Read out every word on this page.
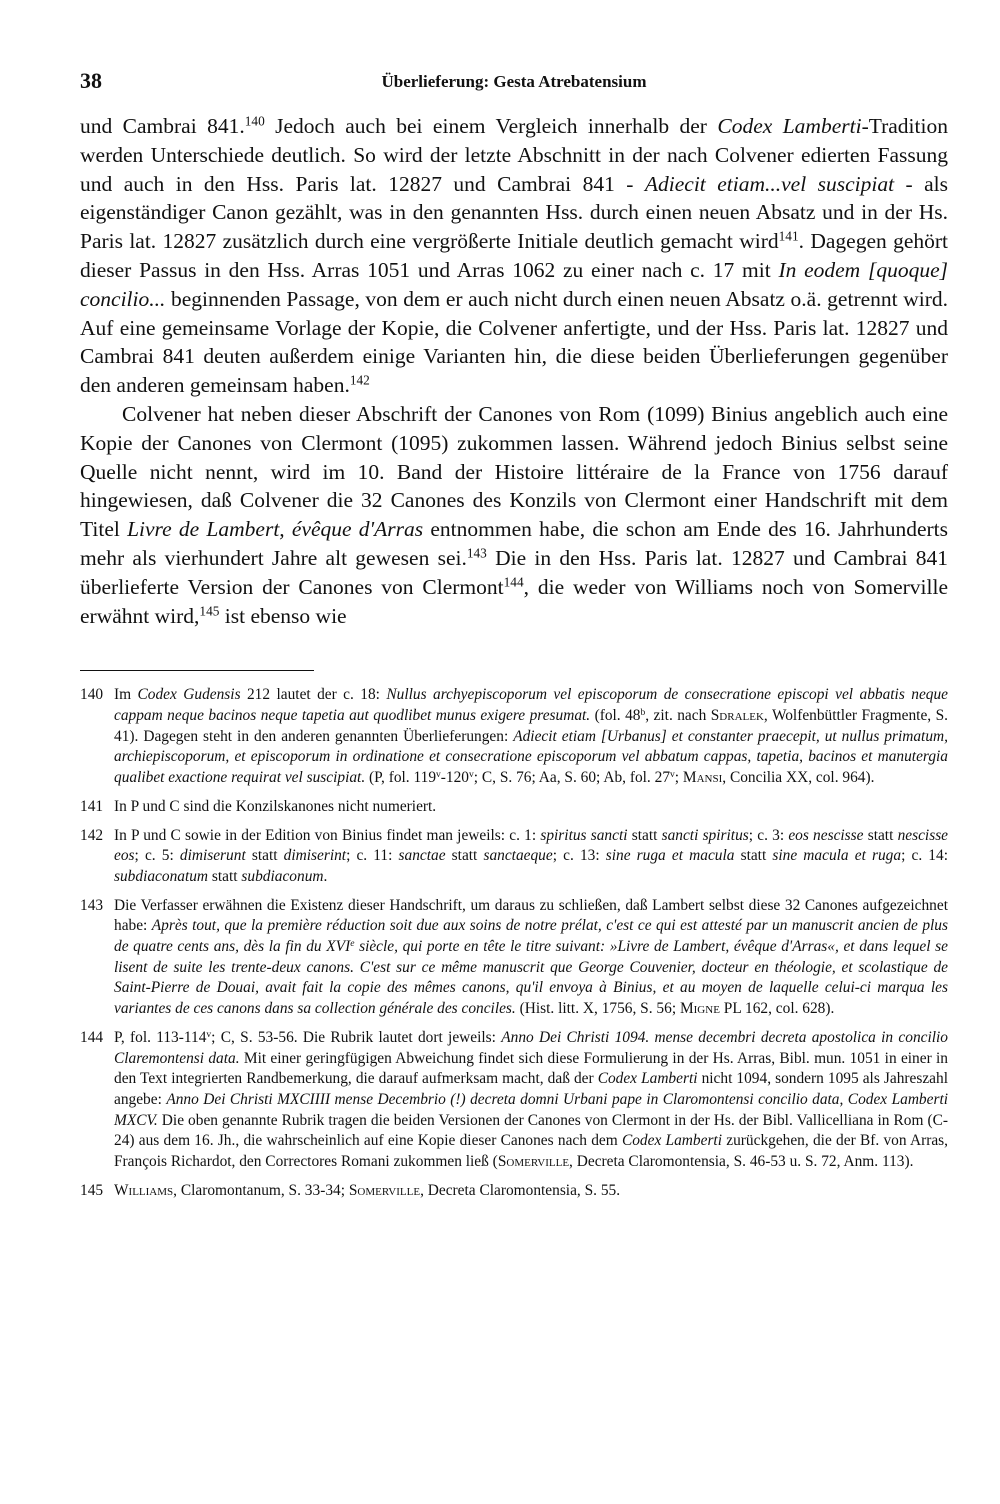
38	Überlieferung: Gesta Atrebatensium

und Cambrai 841.$^{140}$ Jedoch auch bei einem Vergleich innerhalb der Codex Lamberti-Tradition werden Unterschiede deutlich. So wird der letzte Abschnitt in der nach Colvener edierten Fassung und auch in den Hss. Paris lat. 12827 und Cambrai 841 - Adiecit etiam...vel suscipiat - als eigenständiger Canon gezählt, was in den genannten Hss. durch einen neuen Absatz und in der Hs. Paris lat. 12827 zusätzlich durch eine vergrößerte Initiale deutlich gemacht wird$^{141}$. Dagegen gehört dieser Passus in den Hss. Arras 1051 und Arras 1062 zu einer nach c. 17 mit In eodem [quoque] concilio... beginnenden Passage, von dem er auch nicht durch einen neuen Absatz o.ä. getrennt wird. Auf eine gemeinsame Vorlage der Kopie, die Colvener anfertigte, und der Hss. Paris lat. 12827 und Cambrai 841 deuten außerdem einige Varianten hin, die diese beiden Überlieferungen gegenüber den anderen gemeinsam haben.$^{142}$

Colvener hat neben dieser Abschrift der Canones von Rom (1099) Binius angeblich auch eine Kopie der Canones von Clermont (1095) zukommen lassen. Während jedoch Binius selbst seine Quelle nicht nennt, wird im 10. Band der Histoire littéraire de la France von 1756 darauf hingewiesen, daß Colvener die 32 Canones des Konzils von Clermont einer Handschrift mit dem Titel Livre de Lambert, évêque d'Arras entnommen habe, die schon am Ende des 16. Jahrhunderts mehr als vierhundert Jahre alt gewesen sei.$^{143}$ Die in den Hss. Paris lat. 12827 und Cambrai 841 überlieferte Version der Canones von Clermont$^{144}$, die weder von Williams noch von Somerville erwähnt wird,$^{145}$ ist ebenso wie

140 Im Codex Gudensis 212 lautet der c. 18: Nullus archyepiscoporum vel episcoporum de consecratione episcopi vel abbatis neque cappam neque bacinos neque tapetia aut quodlibet munus exigere presumat. (fol. 48$^b$, zit. nach Sdralek, Wolfenbüttler Fragmente, S. 41). Dagegen steht in den anderen genannten Überlieferungen: Adiecit etiam [Urbanus] et constanter praecepit, ut nullus primatum, archiepiscoporum, et episcoporum in ordinatione et consecratione episcoporum vel abbatum cappas, tapetia, bacinos et manutergia qualibet exactione requirat vel suscipiat. (P, fol. 119$^v$-120$^v$; C, S. 76; Aa, S. 60; Ab, fol. 27$^v$; Mansi, Concilia XX, col. 964).
141 In P und C sind die Konzilskanones nicht numeriert.
142 In P und C sowie in der Edition von Binius findet man jeweils: c. 1: spiritus sancti statt sancti spiritus; c. 3: eos nescisse statt nescisse eos; c. 5: dimiserunt statt dimiserint; c. 11: sanctae statt sanctaeque; c. 13: sine ruga et macula statt sine macula et ruga; c. 14: subdiaconatum statt subdiaconum.
143 Die Verfasser erwähnen die Existenz dieser Handschrift, um daraus zu schließen, daß Lambert selbst diese 32 Canones aufgezeichnet habe: Après tout, que la première réduction soit due aux soins de notre prélat, c'est ce qui est attesté par un manuscrit ancien de plus de quatre cents ans, dès la fin du XVIe siècle, qui porte en tête le titre suivant: »Livre de Lambert, évêque d'Arras«, et dans lequel se lisent de suite les trente-deux canons. C'est sur ce même manuscrit que George Couvenier, docteur en théologie, et scolastique de Saint-Pierre de Douai, avait fait la copie des mêmes canons, qu'il envoya à Binius, et au moyen de laquelle celui-ci marqua les variantes de ces canons dans sa collection générale des conciles. (Hist. litt. X, 1756, S. 56; Migne PL 162, col. 628).
144 P, fol. 113-114$^v$; C, S. 53-56. Die Rubrik lautet dort jeweils: Anno Dei Christi 1094. mense decembri decreta apostolica in concilio Claremontensi data. Mit einer geringfügigen Abweichung findet sich diese Formulierung in der Hs. Arras, Bibl. mun. 1051 in einer in den Text integrierten Randbemerkung, die darauf aufmerksam macht, daß der Codex Lamberti nicht 1094, sondern 1095 als Jahreszahl angebe: Anno Dei Christi MXCIIII mense Decembrio (!) decreta domni Urbani pape in Claromontensi concilio data, Codex Lamberti MXCV. Die oben genannte Rubrik tragen die beiden Versionen der Canones von Clermont in der Hs. der Bibl. Vallicelliana in Rom (C-24) aus dem 16. Jh., die wahrscheinlich auf eine Kopie dieser Canones nach dem Codex Lamberti zurückgehen, die der Bf. von Arras, François Richardot, den Correctores Romani zukommen ließ (Somerville, Decreta Claromontensia, S. 46-53 u. S. 72, Anm. 113).
145 Williams, Claromontanum, S. 33-34; Somerville, Decreta Claromontensia, S. 55.
